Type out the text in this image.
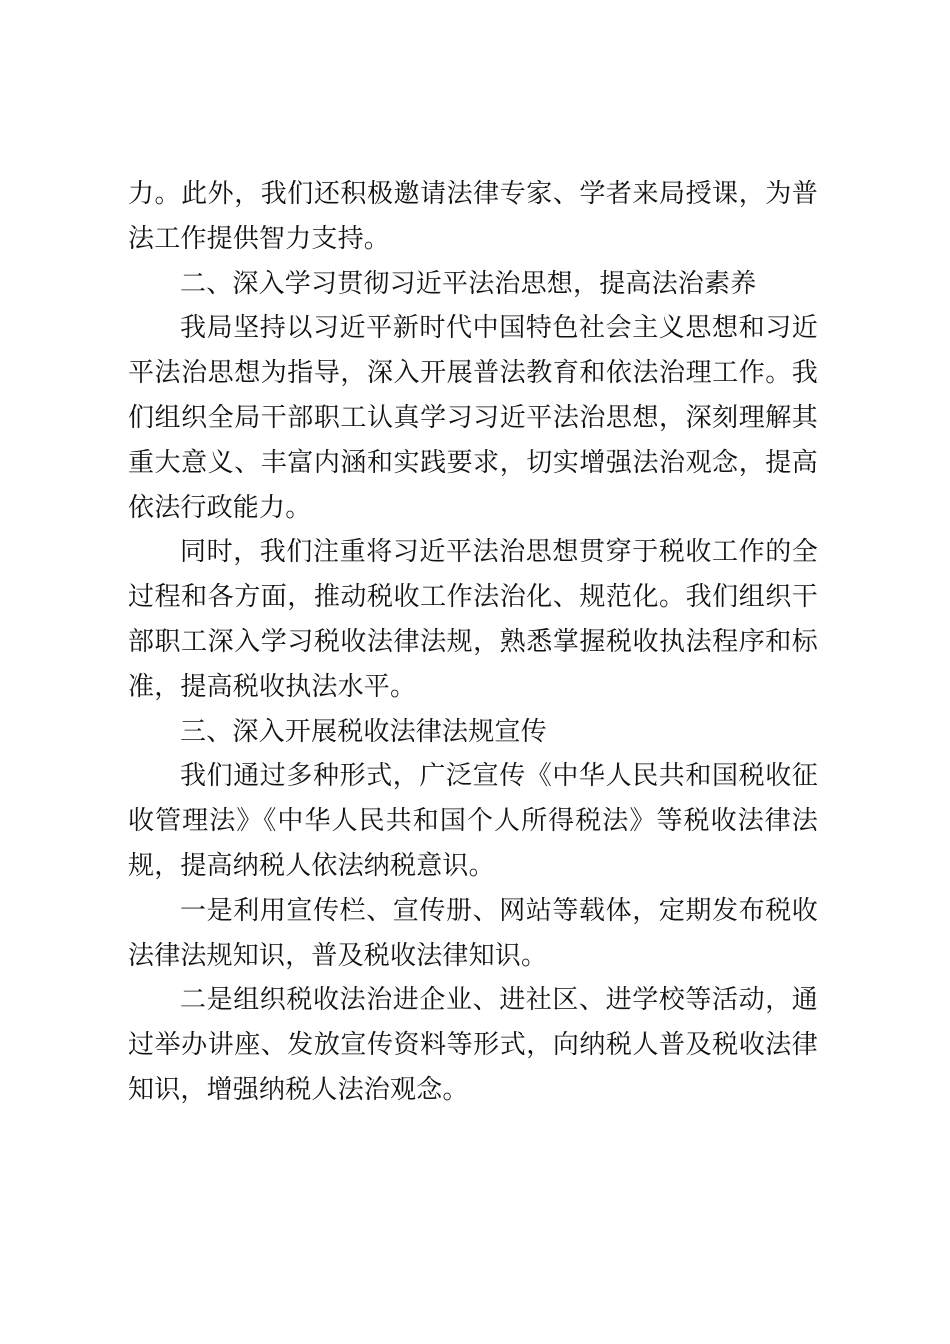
力。此外，我们还积极邀请法律专家、学者来局授课，为普法工作提供智力支持。

二、深入学习贯彻习近平法治思想，提高法治素养

我局坚持以习近平新时代中国特色社会主义思想和习近平法治思想为指导，深入开展普法教育和依法治理工作。我们组织全局干部职工认真学习习近平法治思想，深刻理解其重大意义、丰富内涵和实践要求，切实增强法治观念，提高依法行政能力。

同时，我们注重将习近平法治思想贯穿于税收工作的全过程和各方面，推动税收工作法治化、规范化。我们组织干部职工深入学习税收法律法规，熟悉掌握税收执法程序和标准，提高税收执法水平。

三、深入开展税收法律法规宣传

我们通过多种形式，广泛宣传《中华人民共和国税收征收管理法》《中华人民共和国个人所得税法》等税收法律法规，提高纳税人依法纳税意识。

一是利用宣传栏、宣传册、网站等载体，定期发布税收法律法规知识，普及税收法律知识。

二是组织税收法治进企业、进社区、进学校等活动，通过举办讲座、发放宣传资料等形式，向纳税人普及税收法律知识，增强纳税人法治观念。
